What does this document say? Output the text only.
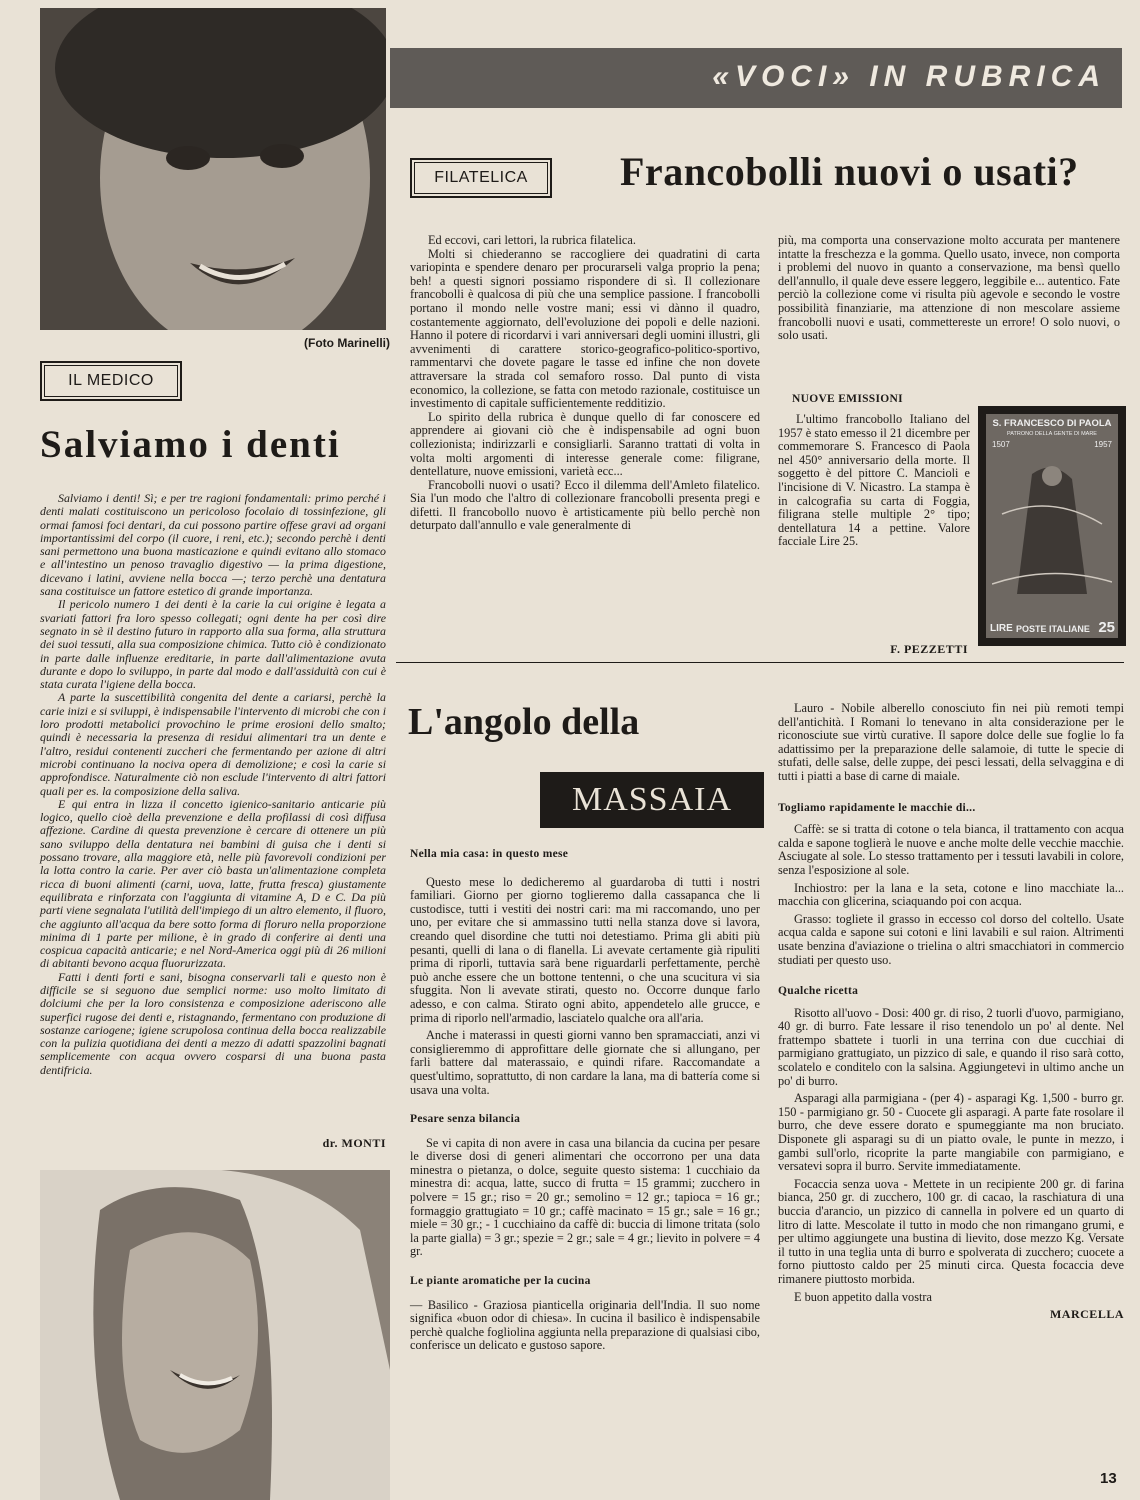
(Foto Marinelli)
«VOCI» IN RUBRICA
FILATELICA	Francobolli nuovi o usati?

Ed eccovi, cari lettori, la rubrica filatelica.

Molti si chiederanno se raccogliere dei quadratini di carta variopinta e spendere denaro per procurarseli valga proprio la pena; beh! a questi signori possiamo rispondere di sì. Il collezionare francobolli è qualcosa di più che una semplice passione. I francobolli portano il mondo nelle vostre mani; essi vi dànno il quadro, costantemente aggiornato, dell'evoluzione dei popoli e delle nazioni. Hanno il potere di ricordarvi i vari anniversari degli uomini illustri, gli avvenimenti di carattere storico-geografico-politico-sportivo, rammentarvi che dovete pagare le tasse ed infine che non dovete attraversare la strada col semaforo rosso. Dal punto di vista economico, la collezione, se fatta con metodo razionale, costituisce un investimento di capitale sufficientemente redditizio.

Lo spirito della rubrica è dunque quello di far conoscere ed apprendere ai giovani ciò che è indispensabile ad ogni buon collezionista; indirizzarli e consigliarli. Saranno trattati di volta in volta molti argomenti di interesse generale come: filigrane, dentellature, nuove emissioni, varietà ecc...

Francobolli nuovi o usati? Ecco il dilemma dell'Amleto filatelico. Sia l'un modo che l'altro di collezionare francobolli presenta pregi e difetti. Il francobollo nuovo è artisticamente più bello perchè non deturpato dall'annullo e vale generalmente di

più, ma comporta una conservazione molto accurata per mantenere intatte la freschezza e la gomma. Quello usato, invece, non comporta i problemi del nuovo in quanto a conservazione, ma bensì quello dell'annullo, il quale deve essere leggero, leggibile e... autentico. Fate perciò la collezione come vi risulta più agevole e secondo le vostre possibilità finanziarie, ma attenzione di non mescolare assieme francobolli nuovi e usati, commettereste un errore! O solo nuovi, o solo usati.

NUOVE EMISSIONI

L'ultimo francobollo Italiano del 1957 è stato emesso il 21 dicembre per commemorare S. Francesco di Paola nel 450° anniversario della morte. Il soggetto è del pittore C. Mancioli e l'incisione di V. Nicastro. La stampa è in calcografia su carta di Foggia, filigrana stelle multiple 2° tipo; dentellatura 14 a pettine. Valore facciale Lire 25.

S. FRANCESCO DI PAOLA
PATRONO DELLA GENTE DI MARE
1507	1957
LIRE POSTE ITALIANE 25
F. PEZZETTI
IL MEDICO
Salviamo i denti

Salviamo i denti! Sì; e per tre ragioni fondamentali: primo perché i denti malati costituiscono un pericoloso focolaio di tossinfezione, gli ormai famosi foci dentari, da cui possono partire offese gravi ad organi importantissimi del corpo (il cuore, i reni, etc.); secondo perchè i denti sani permettono una buona masticazione e quindi evitano allo stomaco e all'intestino un penoso travaglio digestivo — la prima digestione, dicevano i latini, avviene nella bocca —; terzo perchè una dentatura sana costituisce un fattore estetico di grande importanza.

Il pericolo numero 1 dei denti è la carie la cui origine è legata a svariati fattori fra loro spesso collegati; ogni dente ha per così dire segnato in sè il destino futuro in rapporto alla sua forma, alla struttura dei suoi tessuti, alla sua composizione chimica. Tutto ciò è condizionato in parte dalle influenze ereditarie, in parte dall'alimentazione avuta durante e dopo lo sviluppo, in parte dal modo e dall'assiduità con cui è stata curata l'igiene della bocca.

A parte la suscettibilità congenita del dente a cariarsi, perchè la carie inizi e si sviluppi, è indispensabile l'intervento di microbi che con i loro prodotti metabolici provochino le prime erosioni dello smalto; quindi è necessaria la presenza di residui alimentari tra un dente e l'altro, residui contenenti zuccheri che fermentando per azione di altri microbi continuano la nociva opera di demolizione; e così la carie si approfondisce. Naturalmente ciò non esclude l'intervento di altri fattori quali per es. la composizione della saliva.

E qui entra in lizza il concetto igienico-sanitario anticarie più logico, quello cioè della prevenzione e della profilassi di così diffusa affezione. Cardine di questa prevenzione è cercare di ottenere un più sano sviluppo della dentatura nei bambini di guisa che i denti si possano trovare, alla maggiore età, nelle più favorevoli condizioni per la lotta contro la carie. Per aver ciò basta un'alimentazione completa ricca di buoni alimenti (carni, uova, latte, frutta fresca) giustamente equilibrata e rinforzata con l'aggiunta di vitamine A, D e C. Da più parti viene segnalata l'utilità dell'impiego di un altro elemento, il fluoro, che aggiunto all'acqua da bere sotto forma di floruro nella proporzione minima di 1 parte per milione, è in grado di conferire ai denti una cospicua capacità anticarie; e nel Nord-America oggi più di 26 milioni di abitanti bevono acqua fluorurizzata.

Fatti i denti forti e sani, bisogna conservarli tali e questo non è difficile se si seguono due semplici norme: uso molto limitato di dolciumi che per la loro consistenza e composizione aderiscono alle superfici rugose dei denti e, ristagnando, fermentano con produzione di sostanze cariogene; igiene scrupolosa continua della bocca realizzabile con la pulizia quotidiana dei denti a mezzo di adatti spazzolini bagnati semplicemente con acqua ovvero cosparsi di una buona pasta dentifricia.

dr. MONTI
L'angolo della
MASSAIA
Nella mia casa: in questo mese

Questo mese lo dedicheremo al guardaroba di tutti i nostri familiari. Giorno per giorno toglieremo dalla cassapanca che li custodisce, tutti i vestiti dei nostri cari: ma mi raccomando, uno per uno, per evitare che si ammassino tutti nella stanza dove si lavora, creando quel disordine che tutti noi detestiamo. Prima gli abiti più pesanti, quelli di lana o di flanella. Li avevate certamente già ripuliti prima di riporli, tuttavia sarà bene riguardarli perfettamente, perchè può anche essere che un bottone tentenni, o che una scucitura vi sia sfuggita. Non li avevate stirati, questo no. Occorre dunque farlo adesso, e con calma. Stirato ogni abito, appendetelo alle grucce, e prima di riporlo nell'armadio, lasciatelo qualche ora all'aria.

Anche i materassi in questi giorni vanno ben spramacciati, anzi vi consiglieremmo di approfittare delle giornate che si allungano, per farli battere dal materassaio, e quindi rifare. Raccomandate a quest'ultimo, soprattutto, di non cardare la lana, ma di battería come si usava una volta.

Pesare senza bilancia

Se vi capita di non avere in casa una bilancia da cucina per pesare le diverse dosi di generi alimentari che occorrono per una data minestra o pietanza, o dolce, seguite questo sistema: 1 cucchiaio da minestra di: acqua, latte, succo di frutta = 15 grammi; zucchero in polvere = 15 gr.; riso = 20 gr.; semolino = 12 gr.; tapioca = 16 gr.; formaggio grattugiato = 10 gr.; caffè macinato = 15 gr.; sale = 16 gr.; miele = 30 gr.; - 1 cucchiaino da caffè di: buccia di limone tritata (solo la parte gialla) = 3 gr.; spezie = 2 gr.; sale = 4 gr.; lievito in polvere = 4 gr.

Le piante aromatiche per la cucina

— Basilico - Graziosa pianticella originaria dell'India. Il suo nome significa «buon odor di chiesa». In cucina il basilico è indispensabile perchè qualche fogliolina aggiunta nella preparazione di qualsiasi cibo, conferisce un delicato e gustoso sapore.

Lauro - Nobile alberello conosciuto fin nei più remoti tempi dell'antichità. I Romani lo tenevano in alta considerazione per le riconosciute sue virtù curative. Il sapore dolce delle sue foglie lo fa adattissimo per la preparazione delle salamoie, di tutte le specie di stufati, delle salse, delle zuppe, dei pesci lessati, della selvaggina e di tutti i piatti a base di carne di maiale.

Togliamo rapidamente le macchie di...

Caffè: se si tratta di cotone o tela bianca, il trattamento con acqua calda e sapone toglierà le nuove e anche molte delle vecchie macchie. Asciugate al sole. Lo stesso trattamento per i tessuti lavabili in colore, senza l'esposizione al sole.

Inchiostro: per la lana e la seta, cotone e lino macchiate la... macchia con glicerina, sciaquando poi con acqua.

Grasso: togliete il grasso in eccesso col dorso del coltello. Usate acqua calda e sapone sui cotoni e lini lavabili e sul raion. Altrimenti usate benzina d'aviazione o trielina o altri smacchiatori in commercio studiati per questo uso.

Qualche ricetta

Risotto all'uovo - Dosi: 400 gr. di riso, 2 tuorli d'uovo, parmigiano, 40 gr. di burro. Fate lessare il riso tenendolo un po' al dente. Nel frattempo sbattete i tuorli in una terrina con due cucchiai di parmigiano grattugiato, un pizzico di sale, e quando il riso sarà cotto, scolatelo e conditelo con la salsina. Aggiungetevi in ultimo anche un po' di burro.

Asparagi alla parmigiana - (per 4) - asparagi Kg. 1,500 - burro gr. 150 - parmigiano gr. 50 - Cuocete gli asparagi. A parte fate rosolare il burro, che deve essere dorato e spumeggiante ma non bruciato. Disponete gli asparagi su di un piatto ovale, le punte in mezzo, i gambi sull'orlo, ricoprite la parte mangiabile con parmigiano, e versatevi sopra il burro. Servite immediatamente.

Focaccia senza uova - Mettete in un recipiente 200 gr. di farina bianca, 250 gr. di zucchero, 100 gr. di cacao, la raschiatura di una buccia d'arancio, un pizzico di cannella in polvere ed un quarto di litro di latte. Mescolate il tutto in modo che non rimangano grumi, e per ultimo aggiungete una bustina di lievito, dose mezzo Kg. Versate il tutto in una teglia unta di burro e spolverata di zucchero; cuocete a forno piuttosto caldo per 25 minuti circa. Questa focaccia deve rimanere piuttosto morbida.

E buon appetito dalla vostra

MARCELLA
13
